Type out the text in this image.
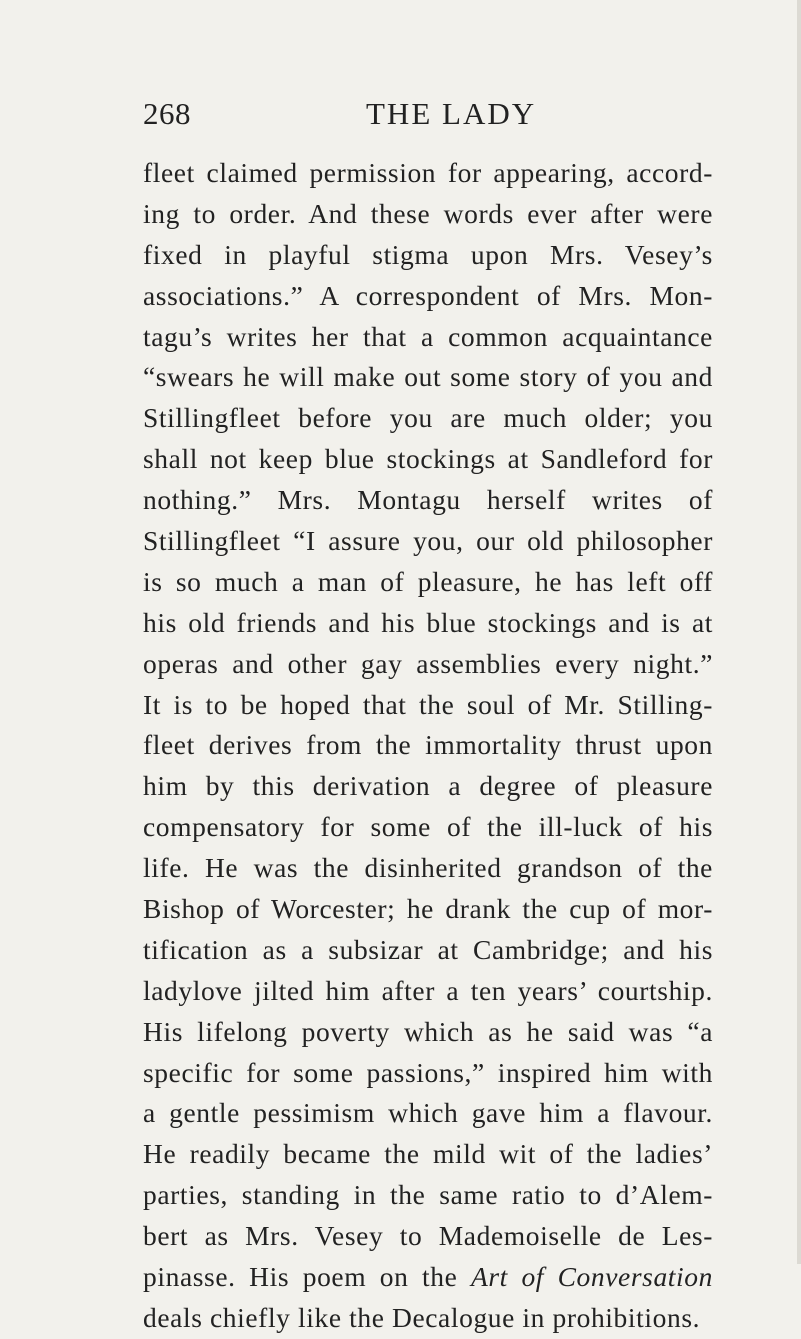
268	THE LADY
fleet claimed permission for appearing, accord-
ing to order. And these words ever after were
fixed in playful stigma upon Mrs. Vesey’s
associations.” A correspondent of Mrs. Mon-
tagu’s writes her that a common acquaintance
“swears he will make out some story of you and
Stillingfleet before you are much older; you
shall not keep blue stockings at Sandleford for
nothing.” Mrs. Montagu herself writes of
Stillingfleet “I assure you, our old philosopher
is so much a man of pleasure, he has left off
his old friends and his blue stockings and is at
operas and other gay assemblies every night.”
It is to be hoped that the soul of Mr. Stilling-
fleet derives from the immortality thrust upon
him by this derivation a degree of pleasure
compensatory for some of the ill-luck of his
life. He was the disinherited grandson of the
Bishop of Worcester; he drank the cup of mor-
tification as a subsizar at Cambridge; and his
ladylove jilted him after a ten years’ courtship.
His lifelong poverty which as he said was “a
specific for some passions,” inspired him with
a gentle pessimism which gave him a flavour.
He readily became the mild wit of the ladies’
parties, standing in the same ratio to d’Alem-
bert as Mrs. Vesey to Mademoiselle de Les-
pinasse. His poem on the Art of Conversation
deals chiefly like the Decalogue in prohibitions.
